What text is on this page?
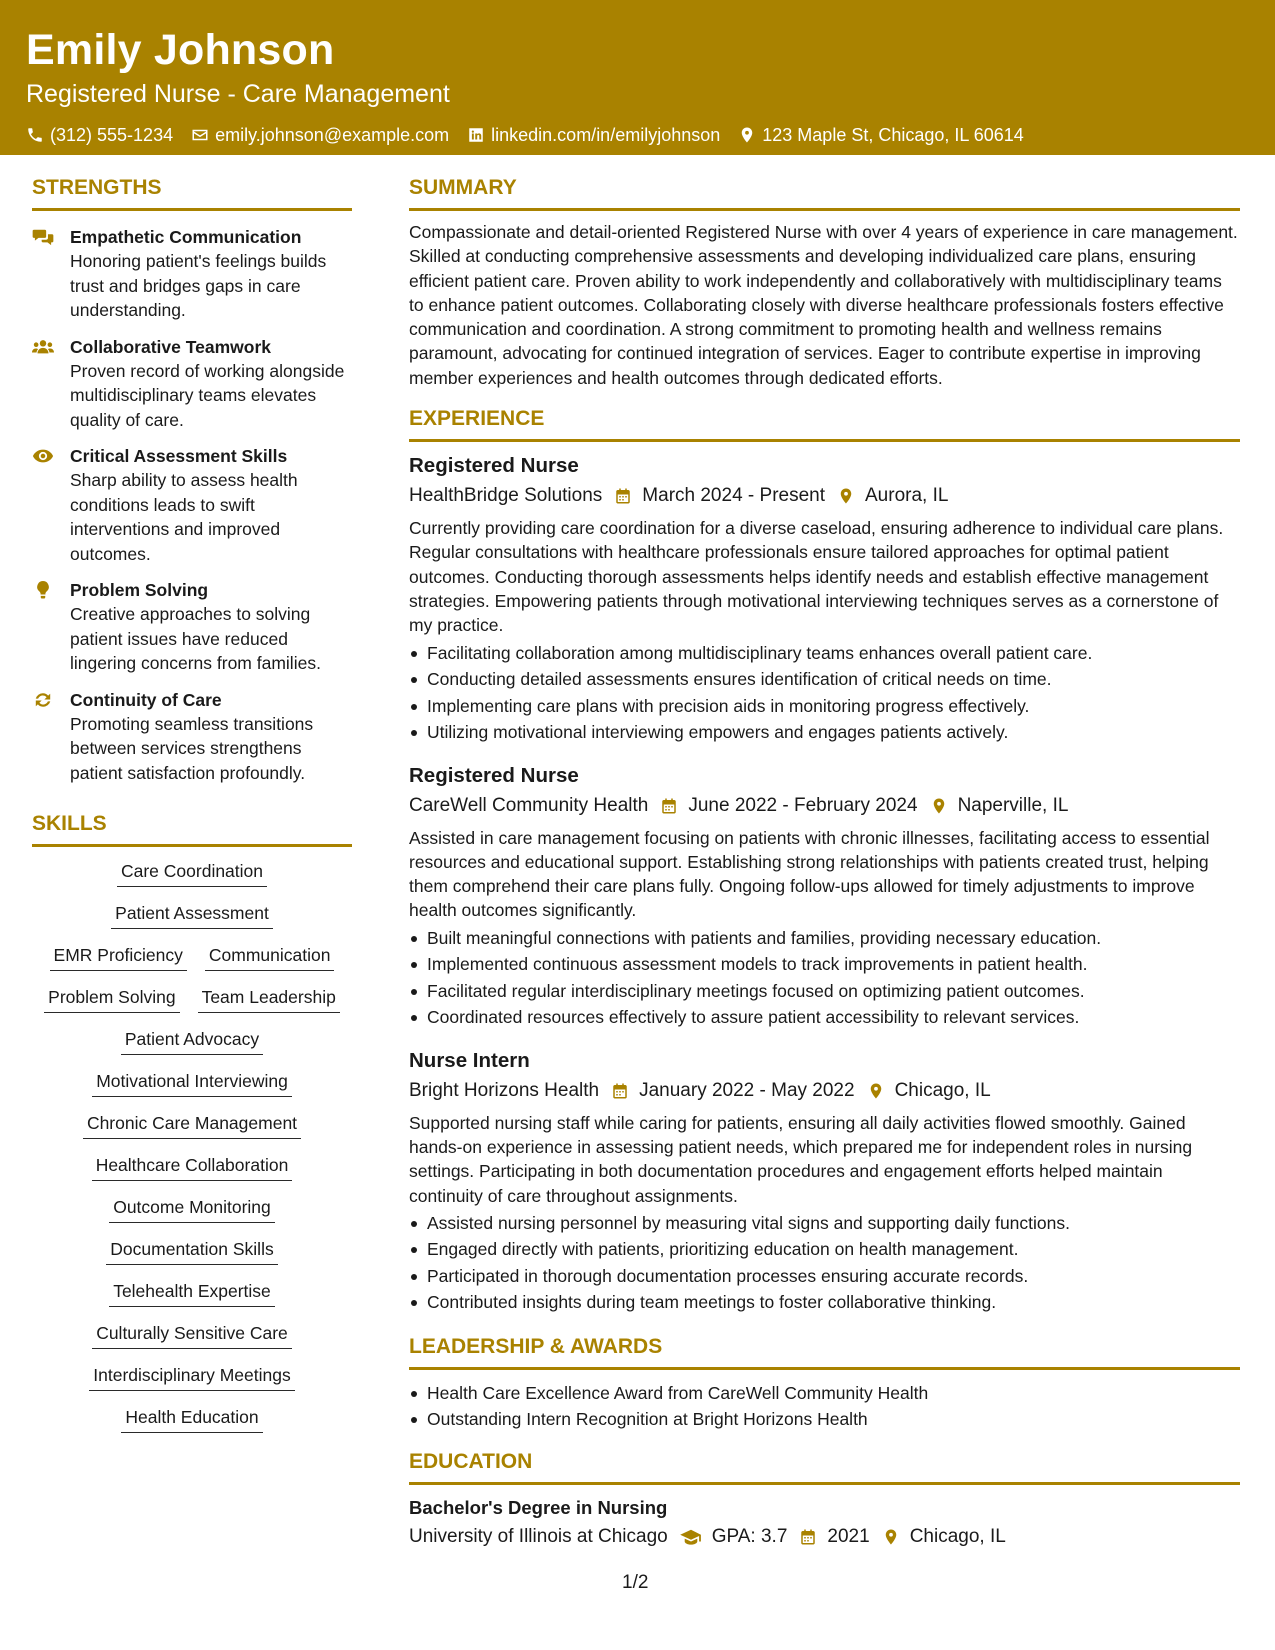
Emily Johnson
Registered Nurse - Care Management
(312) 555-1234 emily.johnson@example.com linkedin.com/in/emilyjohnson 123 Maple St, Chicago, IL 60614
STRENGTHS
Empathetic Communication
Honoring patient's feelings builds trust and bridges gaps in care understanding.
Collaborative Teamwork
Proven record of working alongside multidisciplinary teams elevates quality of care.
Critical Assessment Skills
Sharp ability to assess health conditions leads to swift interventions and improved outcomes.
Problem Solving
Creative approaches to solving patient issues have reduced lingering concerns from families.
Continuity of Care
Promoting seamless transitions between services strengthens patient satisfaction profoundly.
SKILLS
Care Coordination
Patient Assessment
EMR Proficiency Communication
Problem Solving Team Leadership
Patient Advocacy
Motivational Interviewing
Chronic Care Management
Healthcare Collaboration
Outcome Monitoring
Documentation Skills
Telehealth Expertise
Culturally Sensitive Care
Interdisciplinary Meetings
Health Education
SUMMARY
Compassionate and detail-oriented Registered Nurse with over 4 years of experience in care management. Skilled at conducting comprehensive assessments and developing individualized care plans, ensuring efficient patient care. Proven ability to work independently and collaboratively with multidisciplinary teams to enhance patient outcomes. Collaborating closely with diverse healthcare professionals fosters effective communication and coordination. A strong commitment to promoting health and wellness remains paramount, advocating for continued integration of services. Eager to contribute expertise in improving member experiences and health outcomes through dedicated efforts.
EXPERIENCE
Registered Nurse
HealthBridge Solutions March 2024 - Present Aurora, IL
Currently providing care coordination for a diverse caseload, ensuring adherence to individual care plans. Regular consultations with healthcare professionals ensure tailored approaches for optimal patient outcomes. Conducting thorough assessments helps identify needs and establish effective management strategies. Empowering patients through motivational interviewing techniques serves as a cornerstone of my practice.
Facilitating collaboration among multidisciplinary teams enhances overall patient care.
Conducting detailed assessments ensures identification of critical needs on time.
Implementing care plans with precision aids in monitoring progress effectively.
Utilizing motivational interviewing empowers and engages patients actively.
Registered Nurse
CareWell Community Health June 2022 - February 2024 Naperville, IL
Assisted in care management focusing on patients with chronic illnesses, facilitating access to essential resources and educational support. Establishing strong relationships with patients created trust, helping them comprehend their care plans fully. Ongoing follow-ups allowed for timely adjustments to improve health outcomes significantly.
Built meaningful connections with patients and families, providing necessary education.
Implemented continuous assessment models to track improvements in patient health.
Facilitated regular interdisciplinary meetings focused on optimizing patient outcomes.
Coordinated resources effectively to assure patient accessibility to relevant services.
Nurse Intern
Bright Horizons Health January 2022 - May 2022 Chicago, IL
Supported nursing staff while caring for patients, ensuring all daily activities flowed smoothly. Gained hands-on experience in assessing patient needs, which prepared me for independent roles in nursing settings. Participating in both documentation procedures and engagement efforts helped maintain continuity of care throughout assignments.
Assisted nursing personnel by measuring vital signs and supporting daily functions.
Engaged directly with patients, prioritizing education on health management.
Participated in thorough documentation processes ensuring accurate records.
Contributed insights during team meetings to foster collaborative thinking.
LEADERSHIP & AWARDS
Health Care Excellence Award from CareWell Community Health
Outstanding Intern Recognition at Bright Horizons Health
EDUCATION
Bachelor's Degree in Nursing
University of Illinois at Chicago GPA: 3.7 2021 Chicago, IL
1/2
